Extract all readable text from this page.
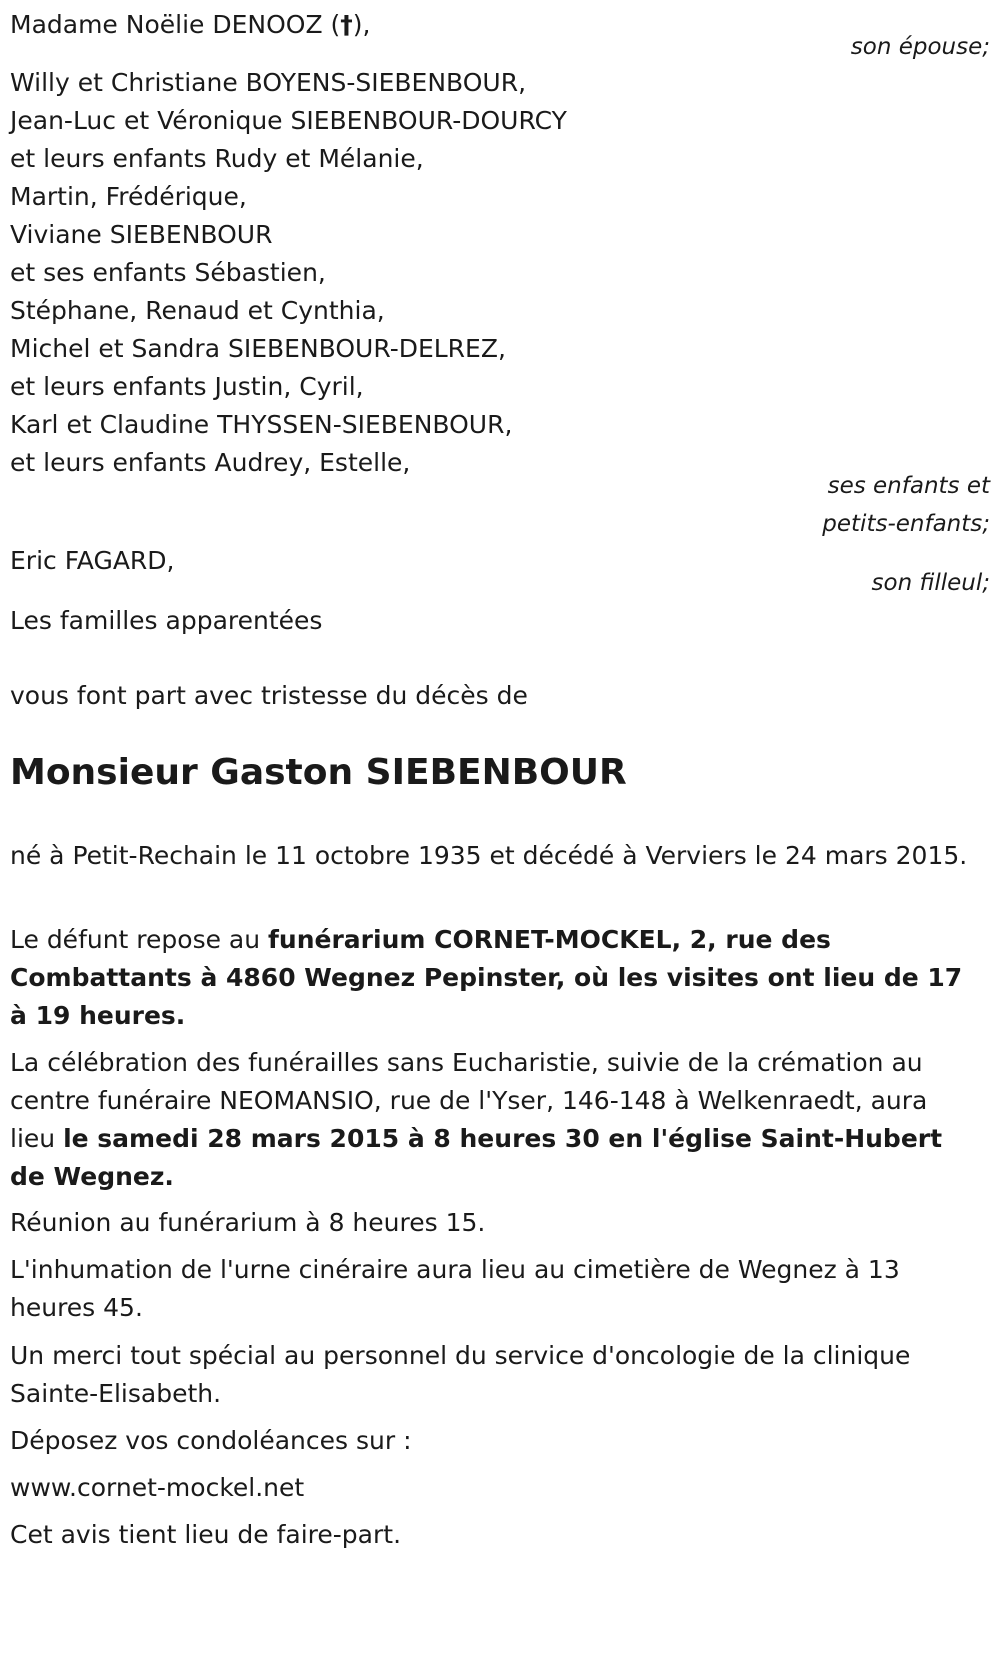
Madame Noëlie DENOOZ (†),
son épouse;
Willy et Christiane BOYENS-SIEBENBOUR,
Jean-Luc et Véronique SIEBENBOUR-DOURCY
et leurs enfants Rudy et Mélanie,
Martin, Frédérique,
Viviane SIEBENBOUR
et ses enfants Sébastien,
Stéphane, Renaud et Cynthia,
Michel et Sandra SIEBENBOUR-DELREZ,
et leurs enfants Justin, Cyril,
Karl et Claudine THYSSEN-SIEBENBOUR,
et leurs enfants Audrey, Estelle,
ses enfants et
petits-enfants;
Eric FAGARD,
son filleul;
Les familles apparentées
vous font part avec tristesse du décès de
Monsieur Gaston SIEBENBOUR
né à Petit-Rechain le 11 octobre 1935 et décédé à Verviers le 24 mars 2015.
Le défunt repose au funérarium CORNET-MOCKEL, 2, rue des Combattants à 4860 Wegnez Pepinster, où les visites ont lieu de 17 à 19 heures.
La célébration des funérailles sans Eucharistie, suivie de la crémation au centre funéraire NEOMANSIO, rue de l'Yser, 146-148 à Welkenraedt, aura lieu le samedi 28 mars 2015 à 8 heures 30 en l'église Saint-Hubert de Wegnez.
Réunion au funérarium à 8 heures 15.
L'inhumation de l'urne cinéraire aura lieu au cimetière de Wegnez à 13 heures 45.
Un merci tout spécial au personnel du service d'oncologie de la clinique Sainte-Elisabeth.
Déposez vos condoléances sur :
www.cornet-mockel.net
Cet avis tient lieu de faire-part.
